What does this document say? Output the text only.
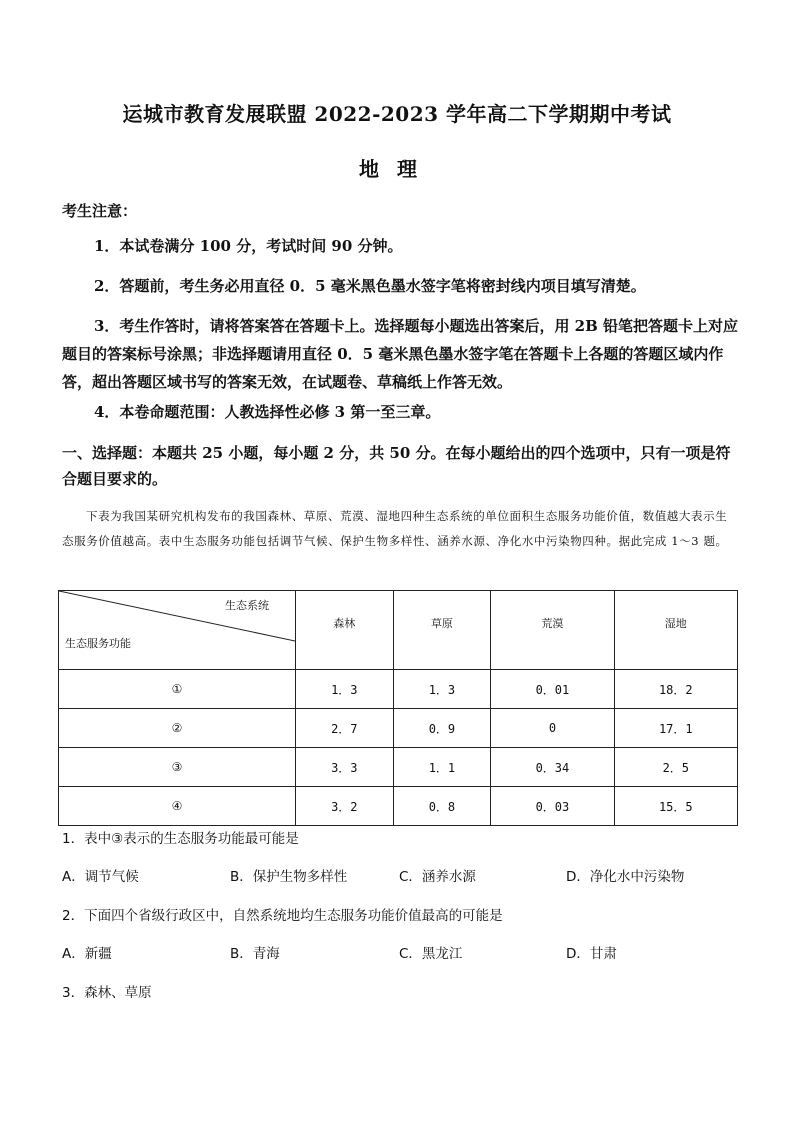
运城市教育发展联盟 2022-2023 学年高二下学期期中考试
地理
考生注意：
1．本试卷满分 100 分，考试时间 90 分钟。
2．答题前，考生务必用直径 0．5 毫米黑色墨水签字笔将密封线内项目填写清楚。
3．考生作答时，请将答案答在答题卡上。选择题每小题选出答案后，用 2B 铅笔把答题卡上对应题目的答案标号涂黑；非选择题请用直径 0．5 毫米黑色墨水签字笔在答题卡上各题的答题区域内作答，超出答题区域书写的答案无效，在试题卷、草稿纸上作答无效。
4．本卷命题范围：人教选择性必修 3 第一至三章。
一、选择题：本题共 25 小题，每小题 2 分，共 50 分。在每小题给出的四个选项中，只有一项是符合题目要求的。
下表为我国某研究机构发布的我国森林、草原、荒漠、湿地四种生态系统的单位面积生态服务功能价值，数值越大表示生态服务价值越高。表中生态服务功能包括调节气候、保护生物多样性、涵养水源、净化水中污染物四种。据此完成 1～3 题。
生态系统
生态服务功能	森林	草原	荒漠	湿地
①	1．3	1．3	0．01	18．2
②	2．7	0．9	0	17．1
③	3．3	1．1	0．34	2．5
④	3．2	0．8	0．03	15．5
1．表中③表示的生态服务功能最可能是
A．调节气候	B．保护生物多样性	C．涵养水源	D．净化水中污染物
2．下面四个省级行政区中，自然系统地均生态服务功能价值最高的可能是
A．新疆	B．青海	C．黑龙江	D．甘肃
3．森林、草原
